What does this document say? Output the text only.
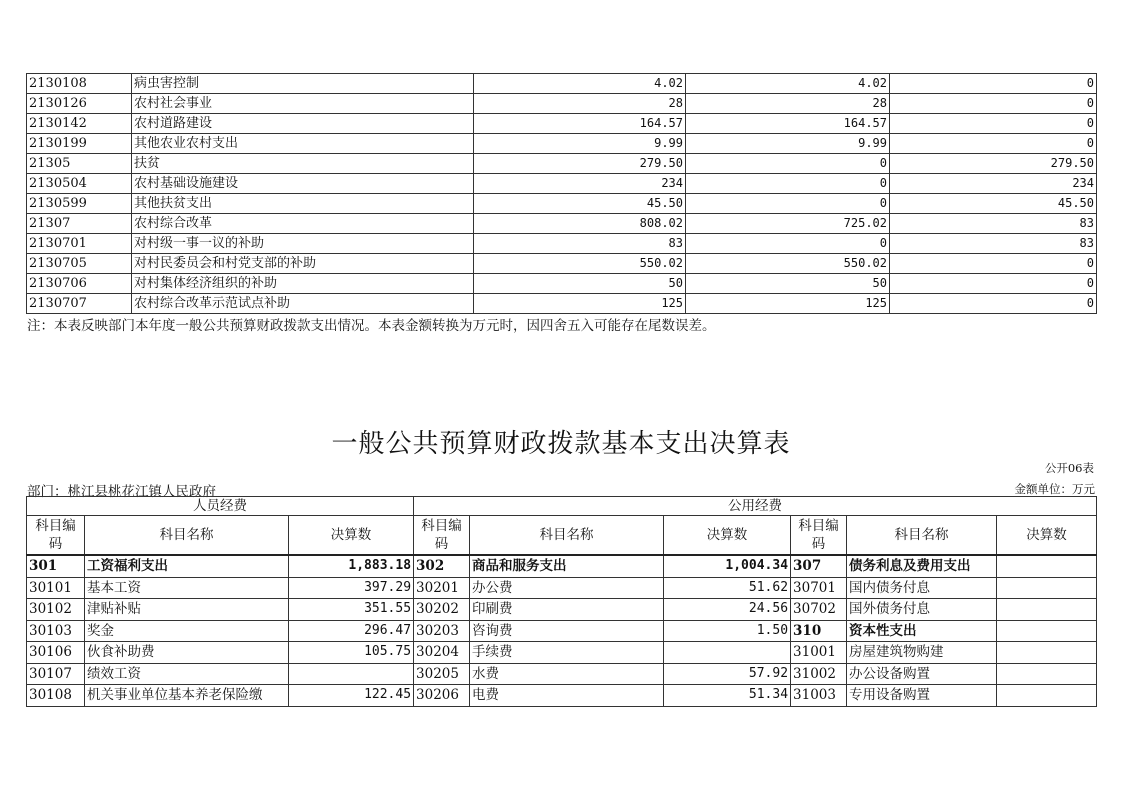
2130108	病虫害控制	4.02	4.02	0
2130126	农村社会事业	28	28	0
2130142	农村道路建设	164.57	164.57	0
2130199	其他农业农村支出	9.99	9.99	0
21305	扶贫	279.50	0	279.50
2130504	农村基础设施建设	234	0	234
2130599	其他扶贫支出	45.50	0	45.50
21307	农村综合改革	808.02	725.02	83
2130701	对村级一事一议的补助	83	0	83
2130705	对村民委员会和村党支部的补助	550.02	550.02	0
2130706	对村集体经济组织的补助	50	50	0
2130707	农村综合改革示范试点补助	125	125	0
注：本表反映部门本年度一般公共预算财政拨款支出情况。本表金额转换为万元时，因四舍五入可能存在尾数误差。
一般公共预算财政拨款基本支出决算表
公开06表
部门：桃江县桃花江镇人民政府	金额单位：万元
人员经费			公用经费					
科目编码	科目名称	决算数	科目编码	科目名称	决算数	科目编码	科目名称	决算数
301	工资福利支出	1,883.18	302	商品和服务支出	1,004.34	307	债务利息及费用支出	
30101	基本工资	397.29	30201	办公费	51.62	30701	国内债务付息	
30102	津贴补贴	351.55	30202	印刷费	24.56	30702	国外债务付息	
30103	奖金	296.47	30203	咨询费	1.50	310	资本性支出	
30106	伙食补助费	105.75	30204	手续费		31001	房屋建筑物购建	
30107	绩效工资		30205	水费	57.92	31002	办公设备购置	
30108	机关事业单位基本养老保险缴	122.45	30206	电费	51.34	31003	专用设备购置	
